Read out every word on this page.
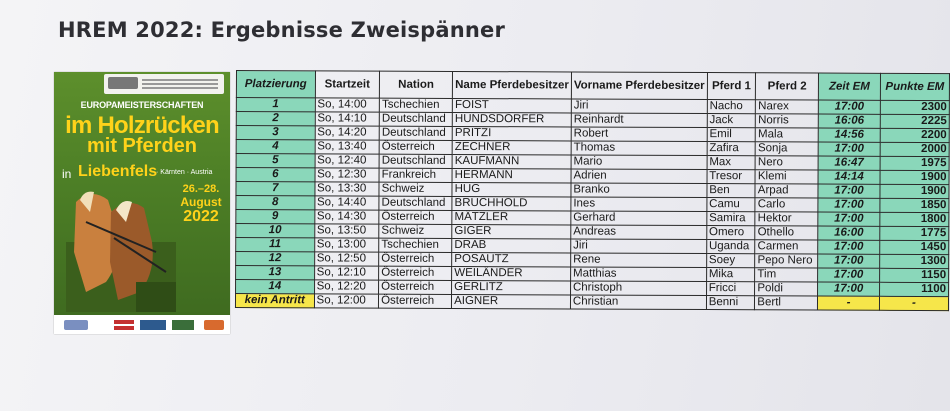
HREM 2022: Ergebnisse Zweispänner
EUROPAMEISTERSCHAFTEN
im Holzrücken
mit Pferden
in Liebenfels
· Kärnten · Austria
26.–28.
August
2022
Platzierung	Startzeit	Nation	Name Pferdebesitzer	Vorname Pferdebesitzer	Pferd 1	Pferd 2	Zeit EM	Punkte EM
1	So, 14:00	Tschechien	FOIST	Jiri	Nacho	Narex	17:00	2300
2	So, 14:10	Deutschland	HUNDSDORFER	Reinhardt	Jack	Norris	16:06	2225
3	So, 14:20	Deutschland	PRITZI	Robert	Emil	Mala	14:56	2200
4	So, 13:40	Österreich	ZECHNER	Thomas	Zafira	Sonja	17:00	2000
5	So, 12:40	Deutschland	KAUFMANN	Mario	Max	Nero	16:47	1975
6	So, 12:30	Frankreich	HERMANN	Adrien	Tresor	Klemi	14:14	1900
7	So, 13:30	Schweiz	HUG	Branko	Ben	Arpad	17:00	1900
8	So, 14:40	Deutschland	BRUCHHOLD	Ines	Camu	Carlo	17:00	1850
9	So, 14:30	Österreich	MÄTZLER	Gerhard	Samira	Hektor	17:00	1800
10	So, 13:50	Schweiz	GIGER	Andreas	Omero	Othello	16:00	1775
11	So, 13:00	Tschechien	DRAB	Jiri	Uganda	Carmen	17:00	1450
12	So, 12:50	Österreich	POSAUTZ	Rene	Soey	Pepo Nero	17:00	1300
13	So, 12:10	Österreich	WEILÄNDER	Matthias	Mika	Tim	17:00	1150
14	So, 12:20	Österreich	GERLITZ	Christoph	Fricci	Poldi	17:00	1100
kein Antritt	So, 12:00	Österreich	AIGNER	Christian	Benni	Bertl	-	-
